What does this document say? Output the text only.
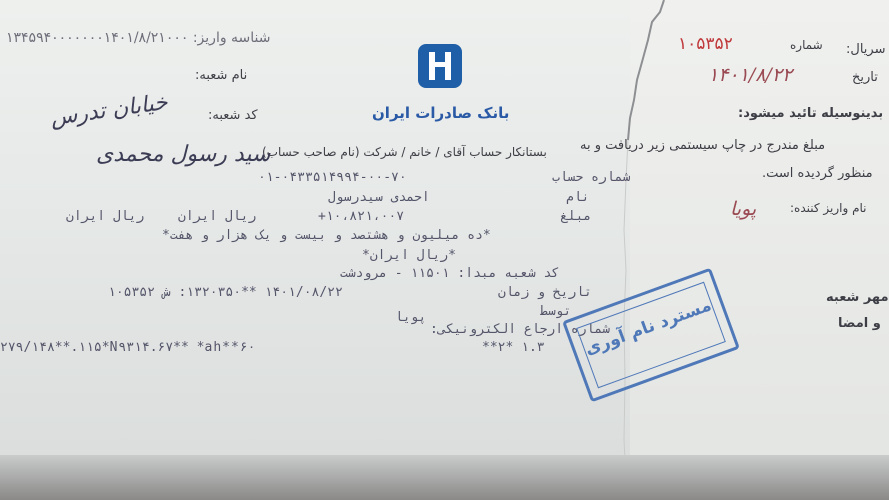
شناسه واریز: ۱۳۴۵۹۴۰۰۰۰۰۰۰۱۴۰۱/۸/۲۱۰۰۰
بانک صادرات ایران
نام شعبه:
خیابان تدرس	کد شعبه:
بستانکار حساب آقای / خانم / شرکت (نام صاحب حساب)
سید رسول محمدی
شماره حساب
۰۱-۰۴۳۳۵۱۴۹۹۴-۰۰-۷۰
نام
احمدی سیدرسول
مبلغ
+۱۰،۸۲۱،۰۰۷
ریال ایران	ریال ایران
*ده میلیون و هشتصد و بیست و یک هزار و هفت*
*ریال ایران*
کد شعبه مبدا: ۱۱۵۰۱ - مرودشت
تاریخ و زمان
۱۴۰۱/۰۸/۲۲ **۱۳۲۰۳۵۰: ش ۱۰۵۳۵۲
توسط
پویا
شماره ارجاع الکترونیکی:
**۲* ۱.۳
۲۷۹/۱۴۸**.۱۱۵*N۹۳۱۴.۶۷** *ah**۶۰
سریال:
شماره
۱۰۵۳۵۲
تاریخ
۱۴۰۱/۸/۲۲
بدینوسیله تائید میشود:
مبلغ مندرج در چاپ سیستمی زیر دریافت و به
منظور گردیده است.
نام واریز کننده:
پویا
مهر شعبه
و امضا
مسترد نام آوری
